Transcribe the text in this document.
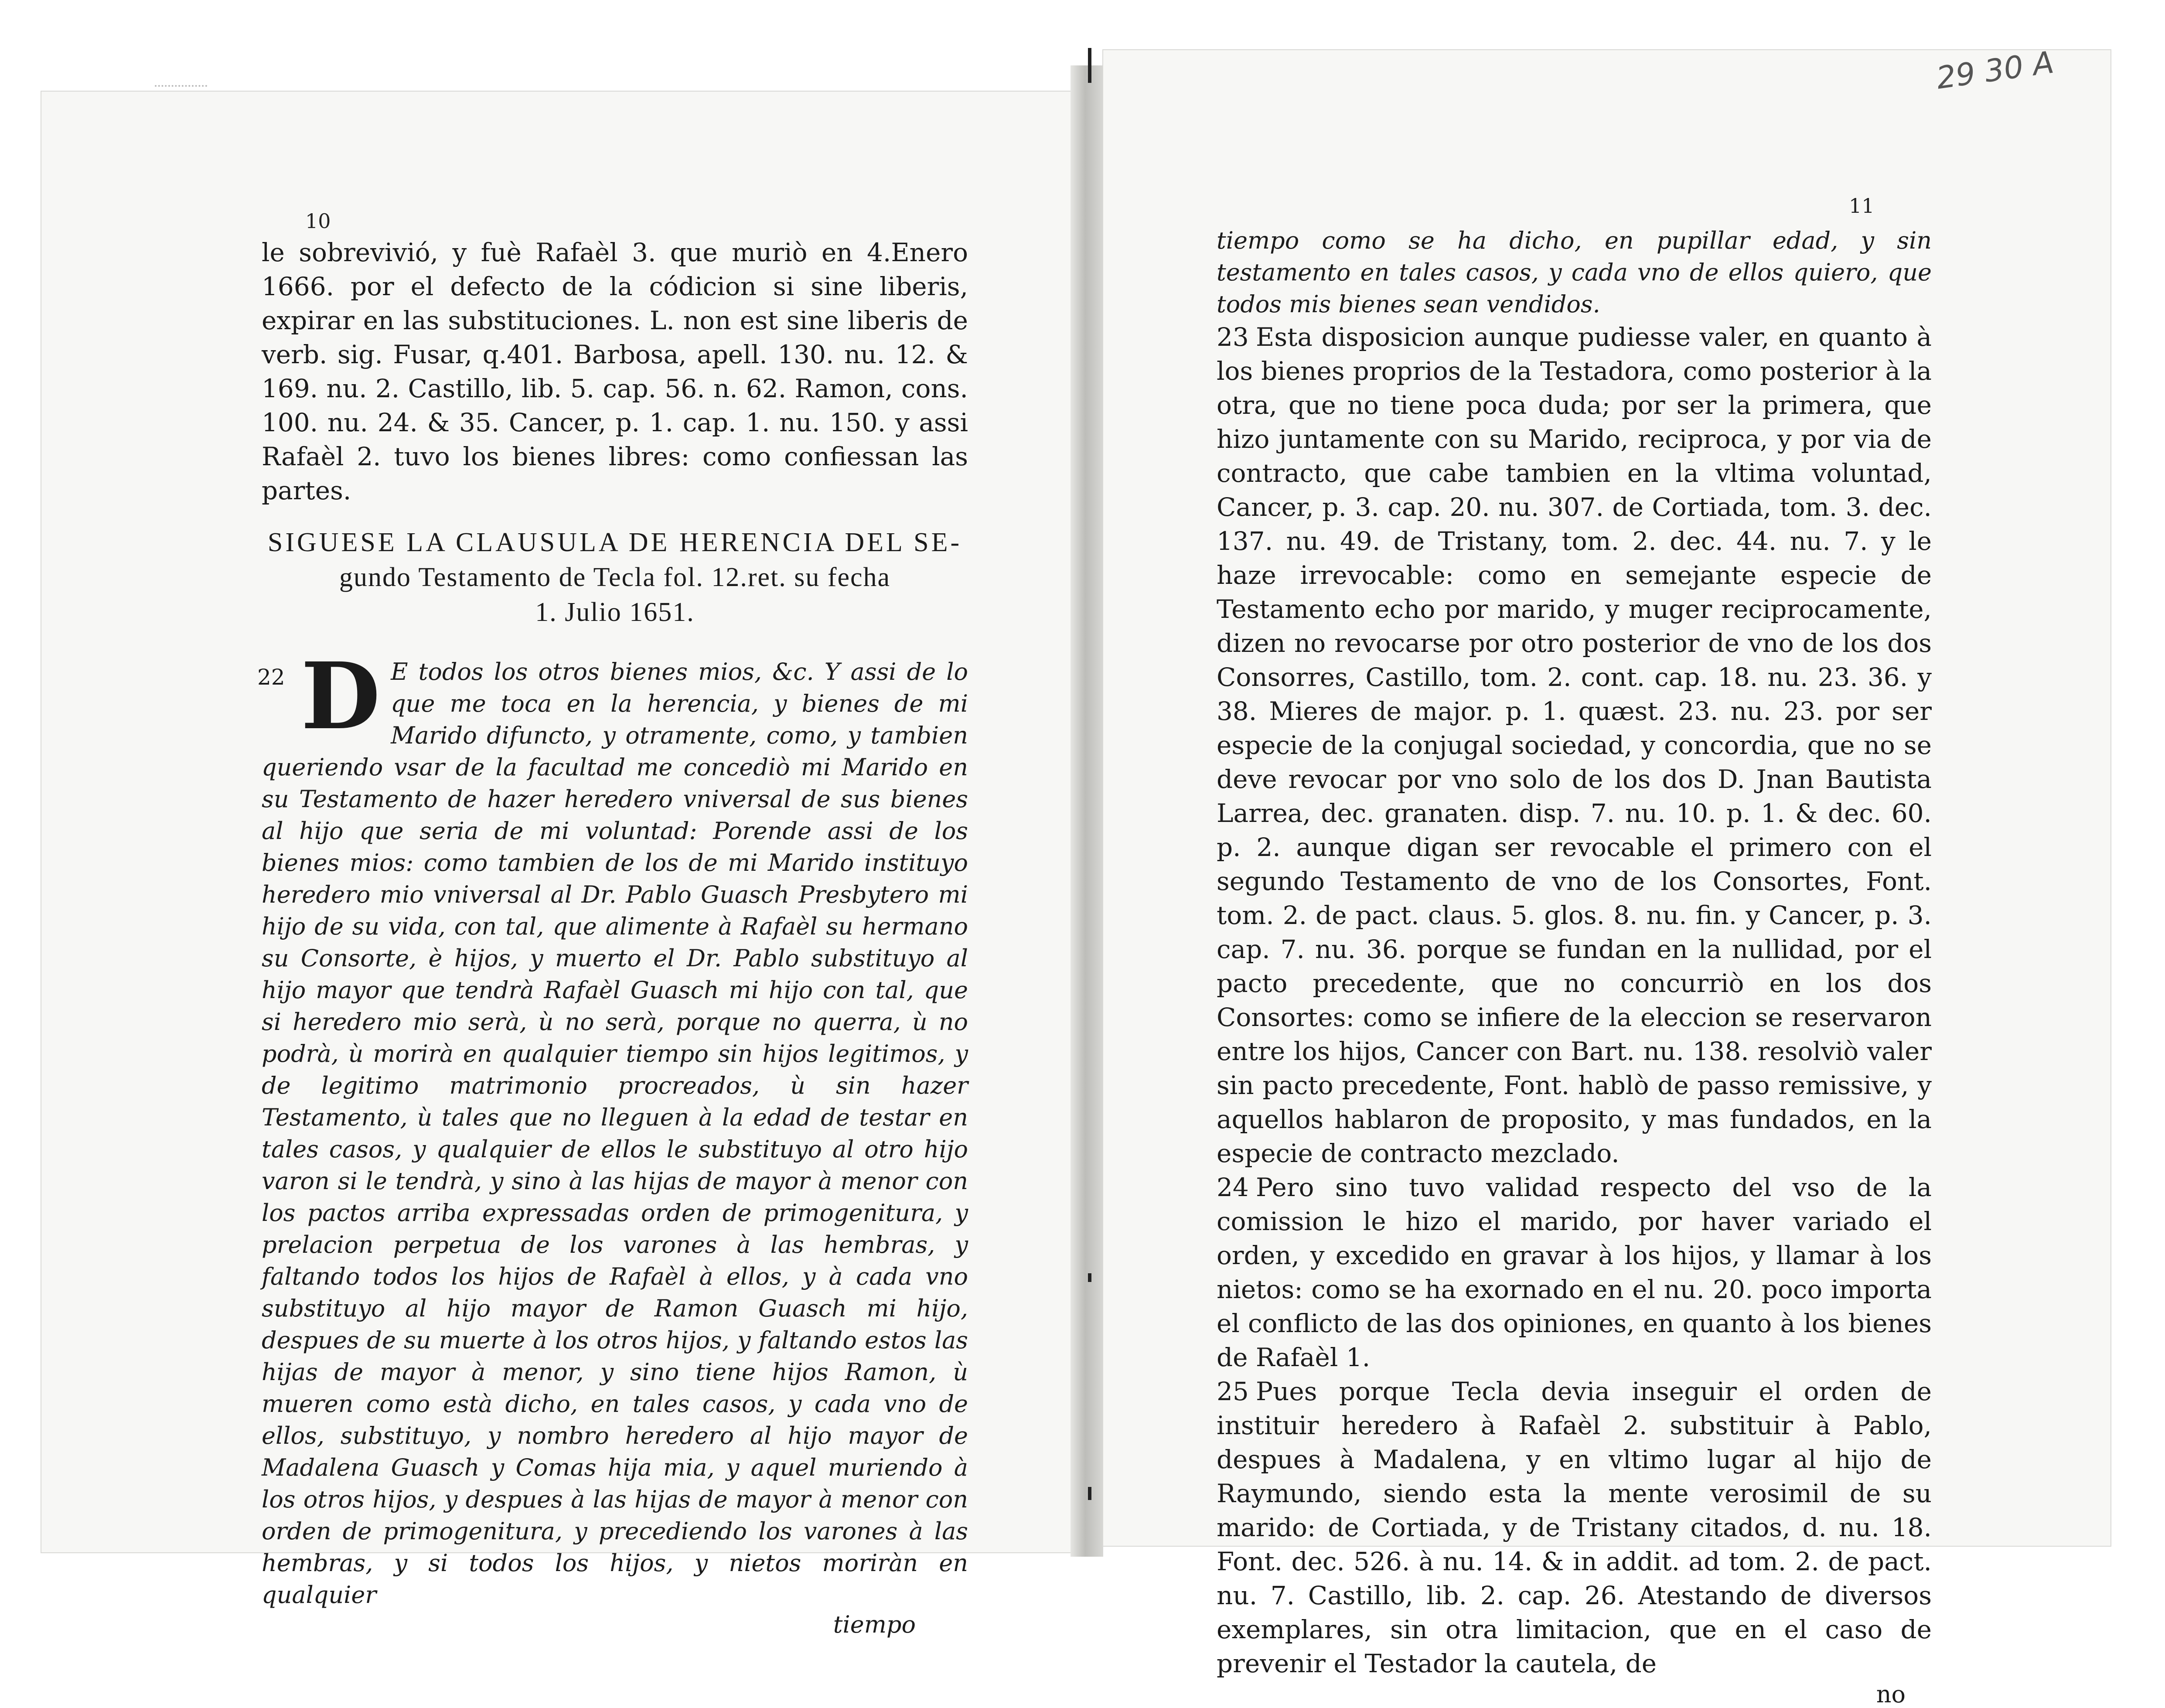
10

le sobrevivió, y fuè Rafaèl 3. que muriò en 4.Enero 1666. por el defecto de la códicion si sine liberis, expirar en las substituciones. L. non est sine liberis de verb. sig. Fusar, q.401. Barbosa, apell. 130. nu. 12. & 169. nu. 2. Castillo, lib. 5. cap. 56. n. 62. Ramon, cons. 100. nu. 24. & 35. Cancer, p. 1. cap. 1. nu. 150. y assi Rafaèl 2. tuvo los bienes libres: como confiessan las partes.

SIGUESE LA CLAUSULA DE HERENCIA DEL SE-
gundo Testamento de Tecla fol. 12.ret. su fecha
1. Julio 1651.
22 D E todos los otros bienes mios, &c. Y assi de lo que me toca en la herencia, y bienes de mi Marido difuncto, y otramente, como, y tambien queriendo vsar de la facultad me concediò mi Marido en su Testamento de hazer heredero vniversal de sus bienes al hijo que seria de mi voluntad: Porende assi de los bienes mios: como tambien de los de mi Marido instituyo heredero mio vniversal al Dr. Pablo Guasch Presbytero mi hijo de su vida, con tal, que alimente à Rafaèl su hermano su Consorte, è hijos, y muerto el Dr. Pablo substituyo al hijo mayor que tendrà Rafaèl Guasch mi hijo con tal, que si heredero mio serà, ù no serà, porque no querra, ù no podrà, ù morirà en qualquier tiempo sin hijos legitimos, y de legitimo matrimonio procreados, ù sin hazer Testamento, ù tales que no lleguen à la edad de testar en tales casos, y qualquier de ellos le substituyo al otro hijo varon si le tendrà, y sino à las hijas de mayor à menor con los pactos arriba expressadas orden de primogenitura, y prelacion perpetua de los varones à las hembras, y faltando todos los hijos de Rafaèl à ellos, y à cada vno substituyo al hijo mayor de Ramon Guasch mi hijo, despues de su muerte à los otros hijos, y faltando estos las hijas de mayor à menor, y sino tiene hijos Ramon, ù mueren como està dicho, en tales casos, y cada vno de ellos, substituyo, y nombro heredero al hijo mayor de Madalena Guasch y Comas hija mia, y aquel muriendo à los otros hijos, y despues à las hijas de mayor à menor con orden de primogenitura, y precediendo los varones à las hembras, y si todos los hijos, y nietos moriràn en qualquier

tiempo
29 30 A
11

tiempo como se ha dicho, en pupillar edad, y sin testamento en tales casos, y cada vno de ellos quiero, que todos mis bienes sean vendidos.

23 Esta disposicion aunque pudiesse valer, en quanto à los bienes proprios de la Testadora, como posterior à la otra, que no tiene poca duda; por ser la primera, que hizo juntamente con su Marido, reciproca, y por via de contracto, que cabe tambien en la vltima voluntad, Cancer, p. 3. cap. 20. nu. 307. de Cortiada, tom. 3. dec. 137. nu. 49. de Tristany, tom. 2. dec. 44. nu. 7. y le haze irrevocable: como en semejante especie de Testamento echo por marido, y muger reciprocamente, dizen no revocarse por otro posterior de vno de los dos Consorres, Castillo, tom. 2. cont. cap. 18. nu. 23. 36. y 38. Mieres de major. p. 1. quæst. 23. nu. 23. por ser especie de la conjugal sociedad, y concordia, que no se deve revocar por vno solo de los dos D. Jnan Bautista Larrea, dec. granaten. disp. 7. nu. 10. p. 1. & dec. 60. p. 2. aunque digan ser revocable el primero con el segundo Testamento de vno de los Consortes, Font. tom. 2. de pact. claus. 5. glos. 8. nu. fin. y Cancer, p. 3. cap. 7. nu. 36. porque se fundan en la nullidad, por el pacto precedente, que no concurriò en los dos Consortes: como se infiere de la eleccion se reservaron entre los hijos, Cancer con Bart. nu. 138. resolviò valer sin pacto precedente, Font. hablò de passo remissive, y aquellos hablaron de proposito, y mas fundados, en la especie de contracto mezclado.

24 Pero sino tuvo validad respecto del vso de la comission le hizo el marido, por haver variado el orden, y excedido en gravar à los hijos, y llamar à los nietos: como se ha exornado en el nu. 20. poco importa el conflicto de las dos opiniones, en quanto à los bienes de Rafaèl 1.

25 Pues porque Tecla devia inseguir el orden de instituir heredero à Rafaèl 2. substituir à Pablo, despues à Madalena, y en vltimo lugar al hijo de Raymundo, siendo esta la mente verosimil de su marido: de Cortiada, y de Tristany citados, d. nu. 18. Font. dec. 526. à nu. 14. & in addit. ad tom. 2. de pact. nu. 7. Castillo, lib. 2. cap. 26. Atestando de diversos exemplares, sin otra limitacion, que en el caso de prevenir el Testador la cautela, de

no
